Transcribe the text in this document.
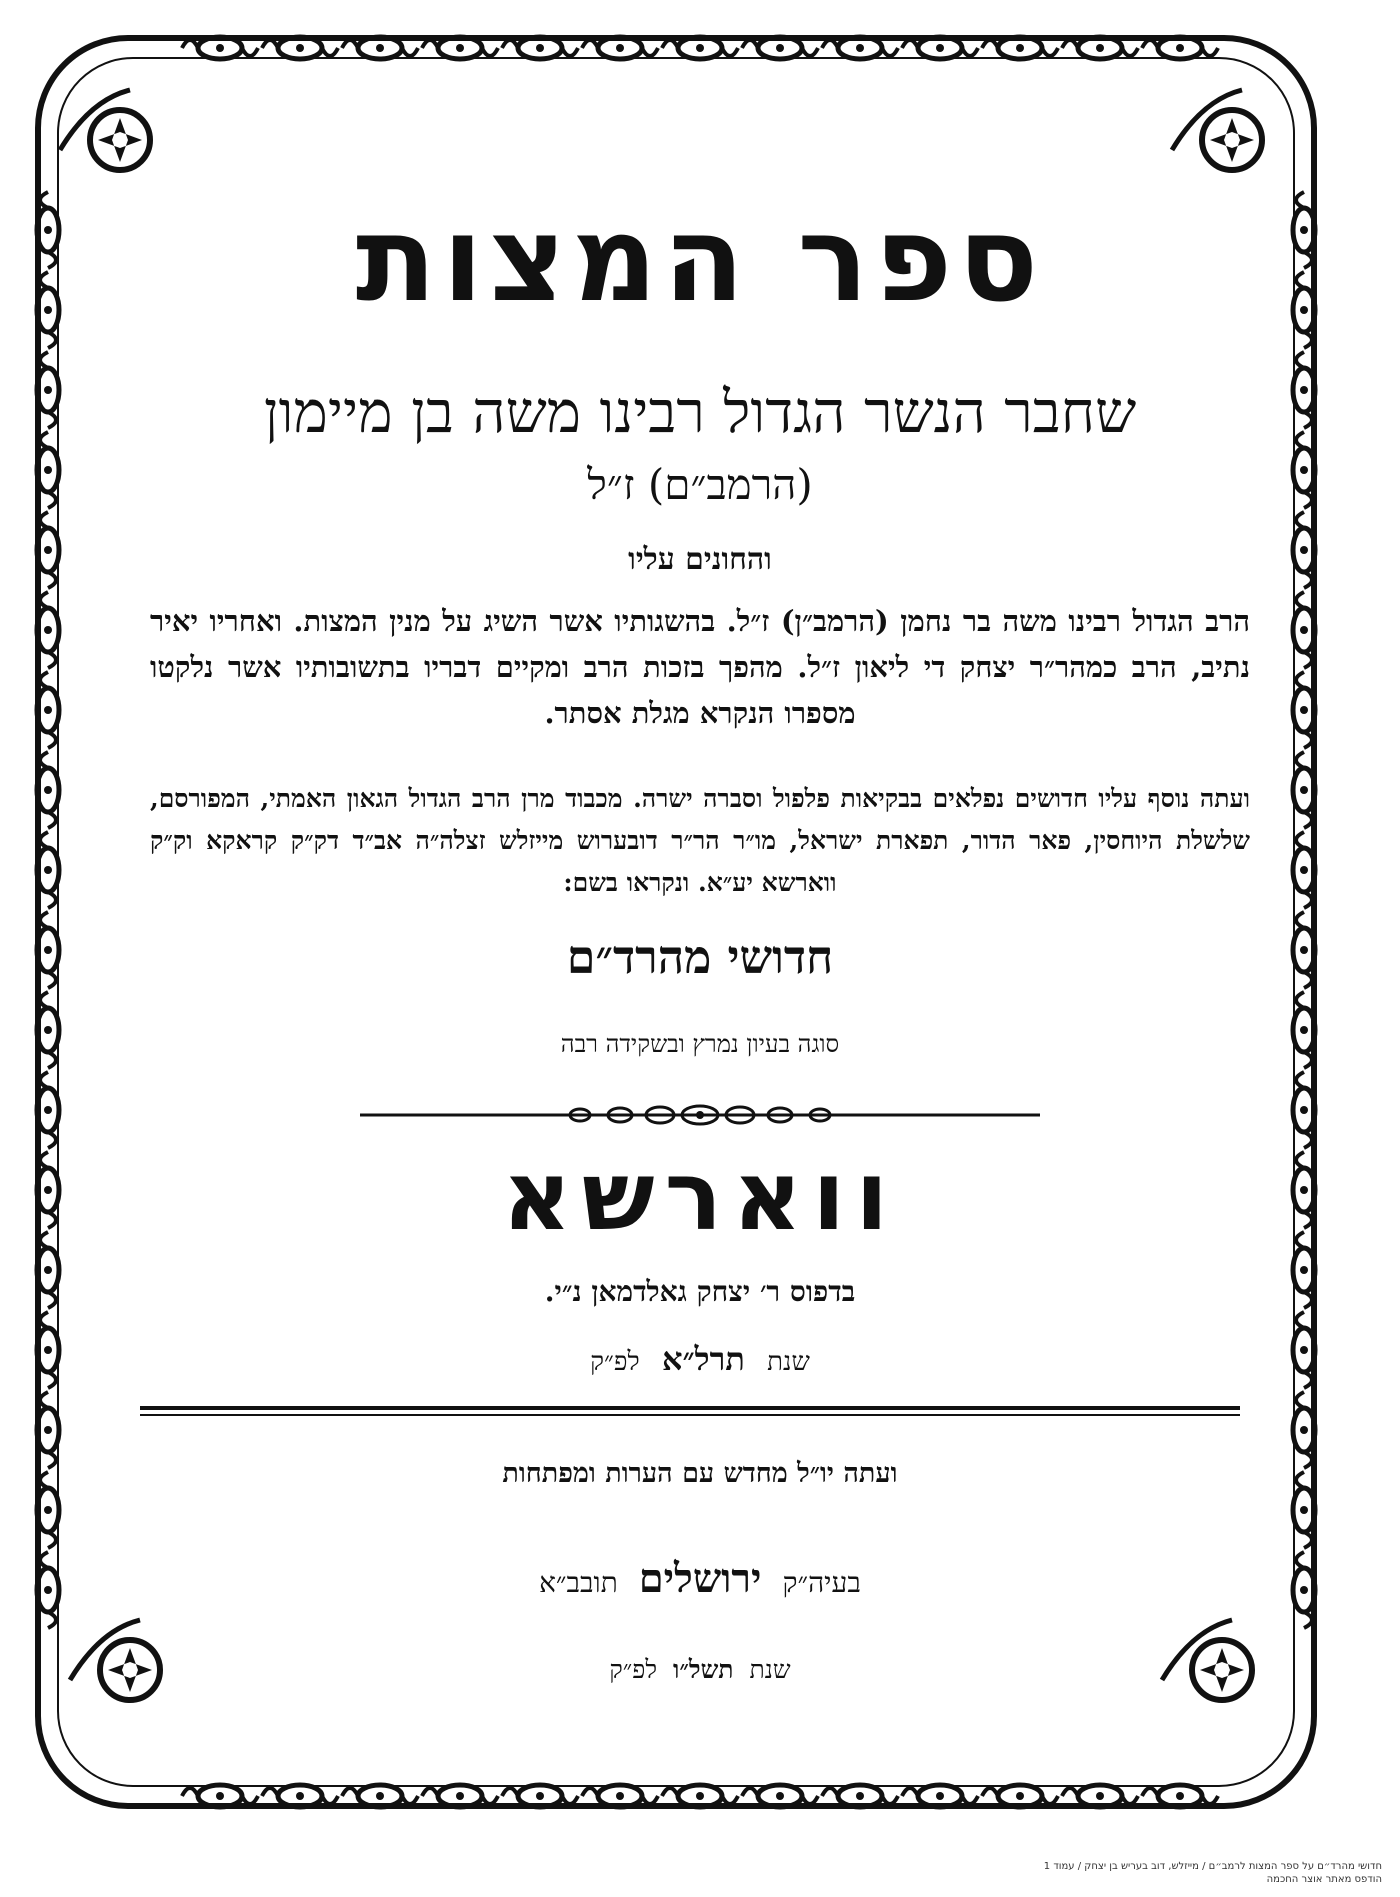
ספר המצות
שחבר הנשר הגדול רבינו משה בן מיימון
(הרמב״ם) ז״ל
והחונים עליו
הרב הגדול רבינו משה בר נחמן (הרמב״ן) ז״ל. בהשגותיו אשר השיג על מנין המצות. ואחריו יאיר נתיב, הרב כמהר״ר יצחק די ליאון ז״ל. מהפך בזכות הרב ומקיים דבריו בתשובותיו אשר נלקטו מספרו הנקרא מגלת אסתר.
ועתה נוסף עליו חדושים נפלאים בבקיאות פלפול וסברה ישרה. מכבוד מרן הרב הגדול הגאון האמתי, המפורסם, שלשלת היוחסין, פאר הדור, תפארת ישראל, מו״ר הר״ר דובערוש מייזלש זצלה״ה אב״ד דק״ק קראקא וק״ק ווארשא יע״א. ונקראו בשם:
חדושי מהרד״ם
סוגה בעיון נמרץ ובשקידה רבה
ווארשא
בדפוס ר׳ יצחק גאלדמאן נ״י.
שנת תרל״א לפ״ק
ועתה יו״ל מחדש עם הערות ומפתחות
בעיה״ק ירושלים תובב״א
שנת תשל״ו לפ״ק
חדושי מהרד״ם על ספר המצות לרמב״ם / מייזלש, דוב בעריש בן יצחק / עמוד 1
הודפס מאתר אוצר החכמה
